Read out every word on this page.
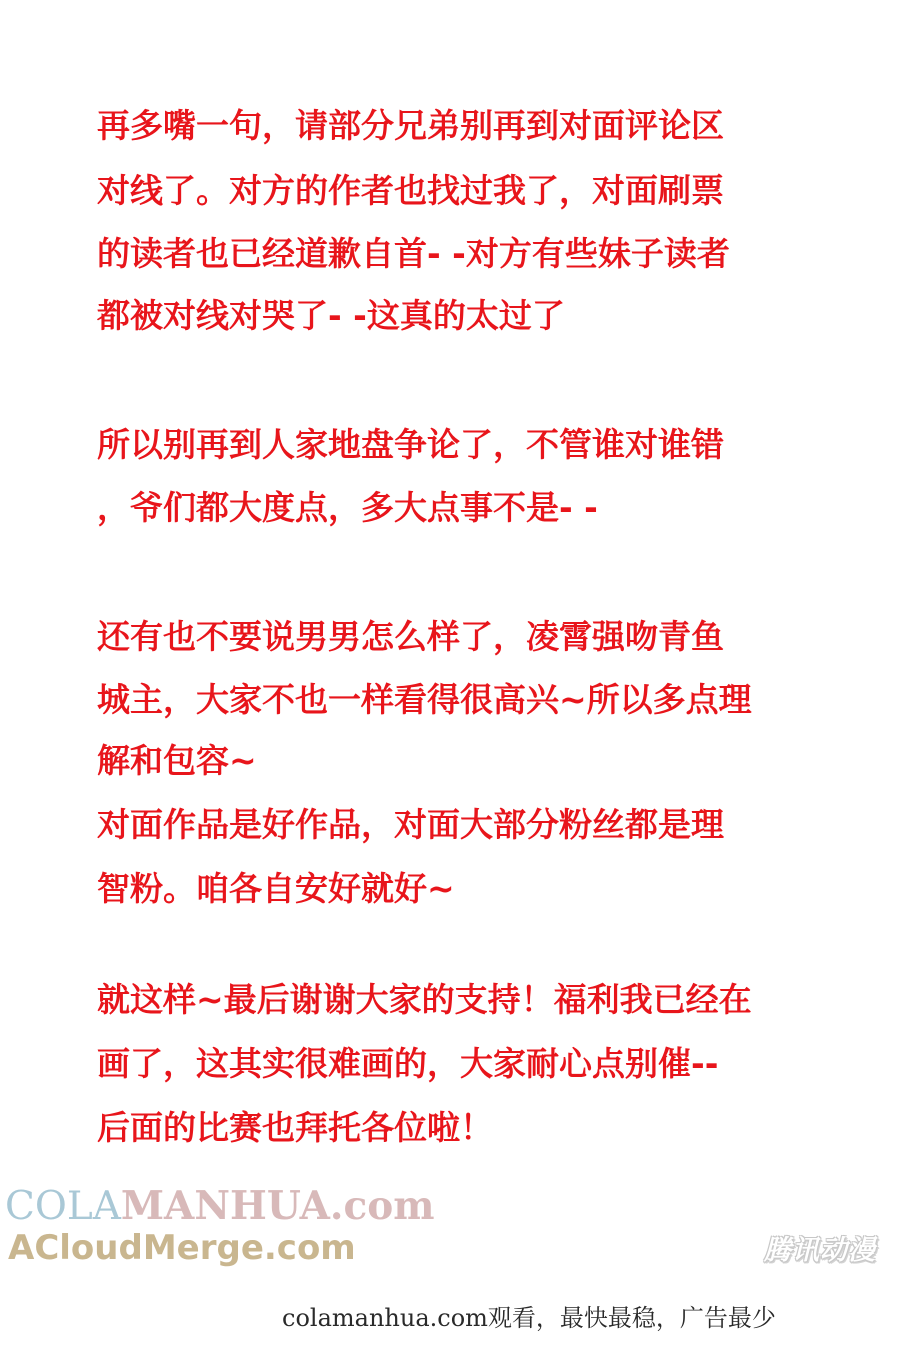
再多嘴一句，请部分兄弟别再到对面评论区
对线了。对方的作者也找过我了，对面刷票
的读者也已经道歉自首- -对方有些妹子读者
都被对线对哭了- -这真的太过了
所以别再到人家地盘争论了，不管谁对谁错
，爷们都大度点，多大点事不是- -
还有也不要说男男怎么样了，凌霄强吻青鱼
城主，大家不也一样看得很高兴~所以多点理
解和包容~
对面作品是好作品，对面大部分粉丝都是理
智粉。咱各自安好就好~
就这样~最后谢谢大家的支持！福利我已经在
画了，这其实很难画的，大家耐心点别催--
后面的比赛也拜托各位啦！
COLAMANHUA.com
ACloudMerge.com	腾讯动漫
colamanhua.com观看，最快最稳，广告最少
